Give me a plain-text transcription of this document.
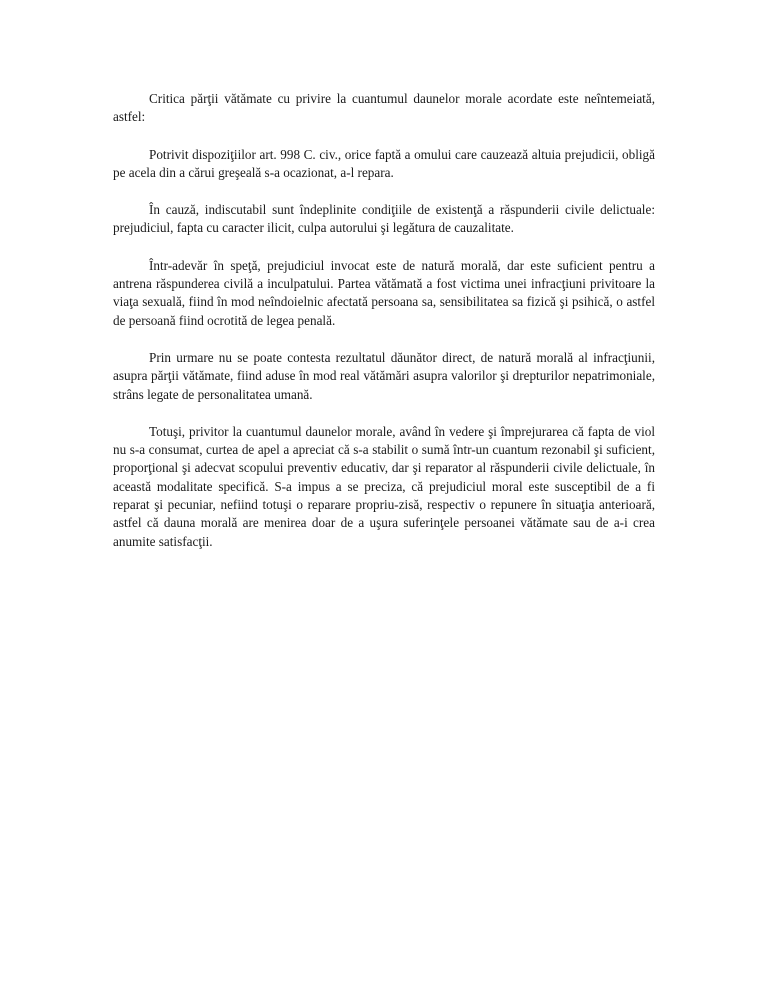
Critica părţii vătămate cu privire la cuantumul daunelor morale acordate este neîntemeiată, astfel:

Potrivit dispoziţiilor art. 998 C. civ., orice faptă a omului care cauzează altuia prejudicii, obligă pe acela din a cărui greşeală s-a ocazionat, a-l repara.

În cauză, indiscutabil sunt îndeplinite condiţiile de existenţă a răspunderii civile delictuale: prejudiciul, fapta cu caracter ilicit, culpa autorului şi legătura de cauzalitate.

Într-adevăr în speţă, prejudiciul invocat este de natură morală, dar este suficient pentru a antrena răspunderea civilă a inculpatului. Partea vătămată a fost victima unei infracţiuni privitoare la viaţa sexuală, fiind în mod neîndoielnic afectată persoana sa, sensibilitatea sa fizică şi psihică, o astfel de persoană fiind ocrotită de legea penală.

Prin urmare nu se poate contesta rezultatul dăunător direct, de natură morală al infracţiunii, asupra părţii vătămate, fiind aduse în mod real vătămări asupra valorilor şi drepturilor nepatrimoniale, strâns legate de personalitatea umană.

Totuşi, privitor la cuantumul daunelor morale, având în vedere şi împrejurarea că fapta de viol nu s-a consumat, curtea de apel a apreciat că s-a stabilit o sumă într-un cuantum rezonabil şi suficient, proporţional şi adecvat scopului preventiv educativ, dar şi reparator al răspunderii civile delictuale, în această modalitate specifică. S-a impus a se preciza, că prejudiciul moral este susceptibil de a fi reparat şi pecuniar, nefiind totuşi o reparare propriu-zisă, respectiv o repunere în situaţia anterioară, astfel că dauna morală are menirea doar de a uşura suferinţele persoanei vătămate sau de a-i crea anumite satisfacţii.
